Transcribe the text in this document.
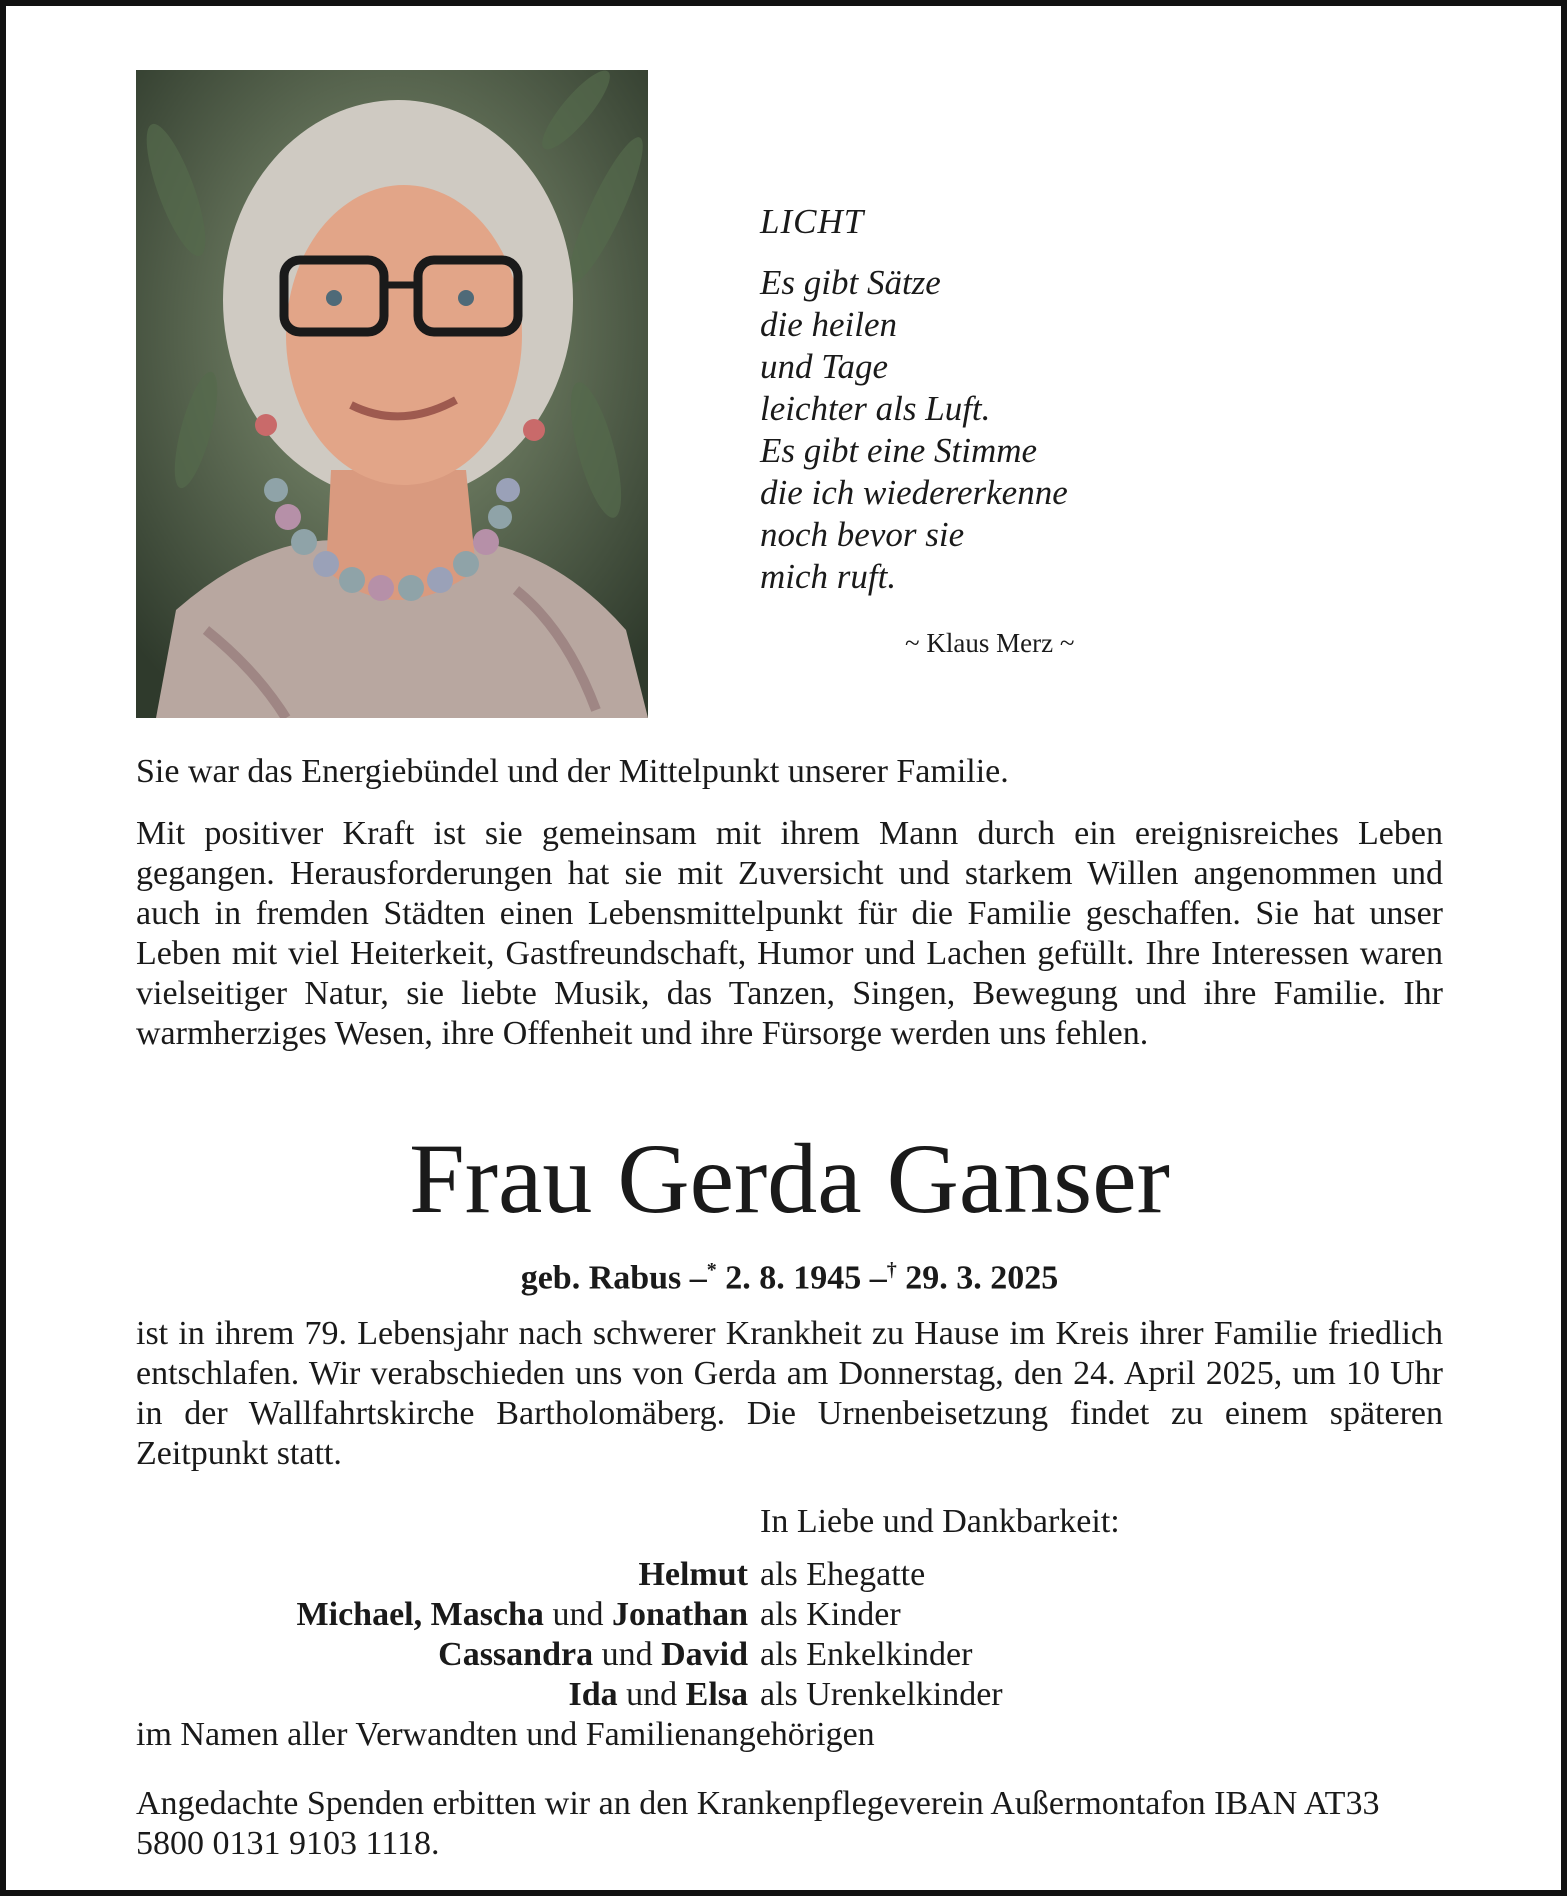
LICHT
Es gibt Sätze
die heilen
und Tage
leichter als Luft.
Es gibt eine Stimme
die ich wiedererkenne
noch bevor sie
mich ruft.
~ Klaus Merz ~
Sie war das Energiebündel und der Mittelpunkt unserer Familie.
Mit positiver Kraft ist sie gemeinsam mit ihrem Mann durch ein ereignisreiches Leben gegangen. Herausforderungen hat sie mit Zuversicht und starkem Willen angenommen und auch in fremden Städten einen Lebensmittelpunkt für die Familie geschaffen. Sie hat unser Leben mit viel Heiterkeit, Gastfreundschaft, Humor und Lachen gefüllt. Ihre Interessen waren vielseitiger Natur, sie liebte Musik, das Tanzen, Singen, Bewegung und ihre Familie. Ihr warmherziges Wesen, ihre Offenheit und ihre Fürsorge werden uns fehlen.
Frau Gerda Ganser
geb. Rabus –* 2. 8. 1945 –† 29. 3. 2025
ist in ihrem 79. Lebensjahr nach schwerer Krankheit zu Hause im Kreis ihrer Familie friedlich entschlafen. Wir verabschieden uns von Gerda am Donnerstag, den 24. April 2025, um 10 Uhr in der Wallfahrtskirche Bartholomäberg. Die Urnenbeisetzung findet zu einem späteren Zeitpunkt statt.
In Liebe und Dankbarkeit:
Helmut als Ehegatte
Michael, Mascha und Jonathan als Kinder
Cassandra und David als Enkelkinder
Ida und Elsa als Urenkelkinder
im Namen aller Verwandten und Familienangehörigen
Angedachte Spenden erbitten wir an den Krankenpflegeverein Außermontafon IBAN AT33 5800 0131 9103 1118.
